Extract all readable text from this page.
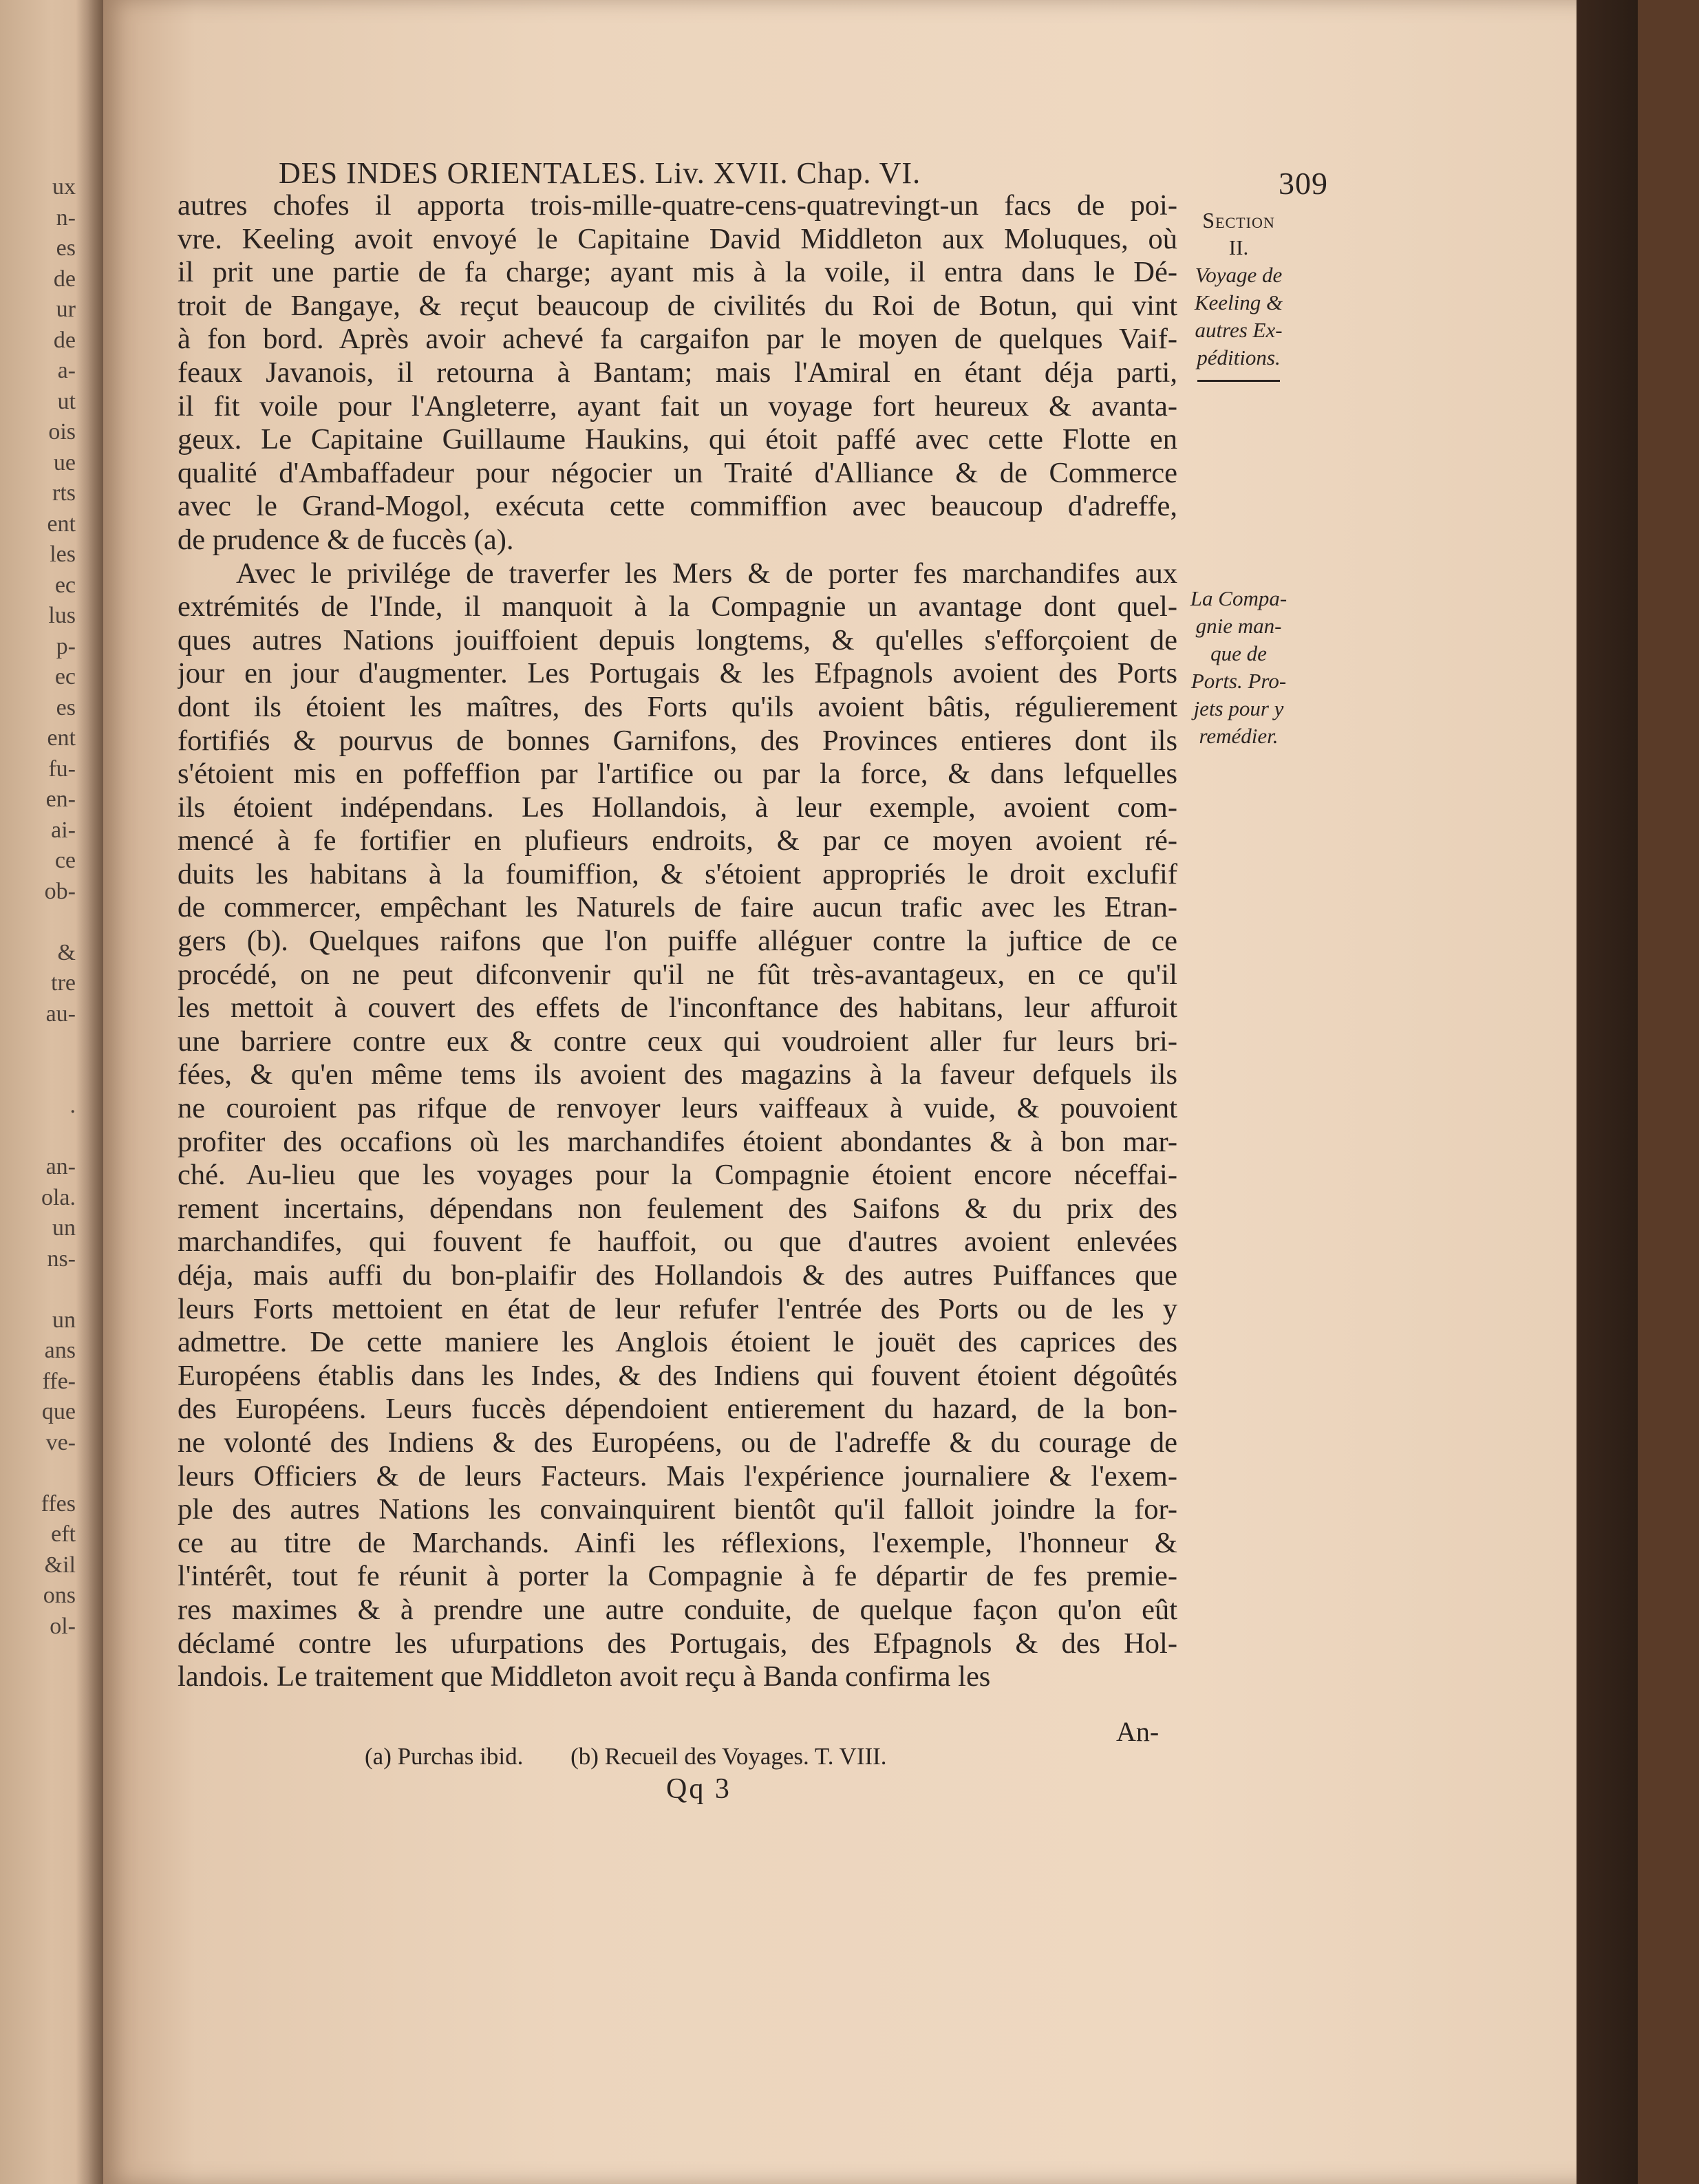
ux
n-
es
de
ur
de
a-
ut
ois
ue
rts
ent
les
ec
lus
p-
ec
es
ent
fu-
en-
ai-
ce
ob-
&
tre
au-
.
an-
ola.
un
ns-
un
ans
ffe-
que
ve-
ffes
eft
&il
ons
ol-
DES INDES ORIENTALES. Liv. XVII. Chap. VI.	309
autres chofes il apporta trois-mille-quatre-cens-quatrevingt-un facs de poi-
vre. Keeling avoit envoyé le Capitaine David Middleton aux Moluques, où
il prit une partie de fa charge; ayant mis à la voile, il entra dans le Dé-
troit de Bangaye, & reçut beaucoup de civilités du Roi de Botun, qui vint
à fon bord. Après avoir achevé fa cargaifon par le moyen de quelques Vaif-
feaux Javanois, il retourna à Bantam; mais l'Amiral en étant déja parti,
il fit voile pour l'Angleterre, ayant fait un voyage fort heureux & avanta-
geux. Le Capitaine Guillaume Haukins, qui étoit paffé avec cette Flotte en
qualité d'Ambaffadeur pour négocier un Traité d'Alliance & de Commerce
avec le Grand-Mogol, exécuta cette commiffion avec beaucoup d'adreffe,
de prudence & de fuccès (a).
Avec le privilége de traverfer les Mers & de porter fes marchandifes aux
extrémités de l'Inde, il manquoit à la Compagnie un avantage dont quel-
ques autres Nations jouiffoient depuis longtems, & qu'elles s'efforçoient de
jour en jour d'augmenter. Les Portugais & les Efpagnols avoient des Ports
dont ils étoient les maîtres, des Forts qu'ils avoient bâtis, régulierement
fortifiés & pourvus de bonnes Garnifons, des Provinces entieres dont ils
s'étoient mis en poffeffion par l'artifice ou par la force, & dans lefquelles
ils étoient indépendans. Les Hollandois, à leur exemple, avoient com-
mencé à fe fortifier en plufieurs endroits, & par ce moyen avoient ré-
duits les habitans à la foumiffion, & s'étoient appropriés le droit exclufif
de commercer, empêchant les Naturels de faire aucun trafic avec les Etran-
gers (b). Quelques raifons que l'on puiffe alléguer contre la juftice de ce
procédé, on ne peut difconvenir qu'il ne fût très-avantageux, en ce qu'il
les mettoit à couvert des effets de l'inconftance des habitans, leur affuroit
une barriere contre eux & contre ceux qui voudroient aller fur leurs bri-
fées, & qu'en même tems ils avoient des magazins à la faveur defquels ils
ne couroient pas rifque de renvoyer leurs vaiffeaux à vuide, & pouvoient
profiter des occafions où les marchandifes étoient abondantes & à bon mar-
ché. Au-lieu que les voyages pour la Compagnie étoient encore néceffai-
rement incertains, dépendans non feulement des Saifons & du prix des
marchandifes, qui fouvent fe hauffoit, ou que d'autres avoient enlevées
déja, mais auffi du bon-plaifir des Hollandois & des autres Puiffances que
leurs Forts mettoient en état de leur refufer l'entrée des Ports ou de les y
admettre. De cette maniere les Anglois étoient le jouët des caprices des
Européens établis dans les Indes, & des Indiens qui fouvent étoient dégoûtés
des Européens. Leurs fuccès dépendoient entierement du hazard, de la bon-
ne volonté des Indiens & des Européens, ou de l'adreffe & du courage de
leurs Officiers & de leurs Facteurs. Mais l'expérience journaliere & l'exem-
ple des autres Nations les convainquirent bientôt qu'il falloit joindre la for-
ce au titre de Marchands. Ainfi les réflexions, l'exemple, l'honneur &
l'intérêt, tout fe réunit à porter la Compagnie à fe départir de fes premie-
res maximes & à prendre une autre conduite, de quelque façon qu'on eût
déclamé contre les ufurpations des Portugais, des Efpagnols & des Hol-
landois. Le traitement que Middleton avoit reçu à Banda confirma les
Section
II.
Voyage de
Keeling &
autres Ex-
péditions.
La Compa-
gnie man-
que de
Ports. Pro-
jets pour y
remédier.
An-
(a) Purchas ibid. (b) Recueil des Voyages. T. VIII.
Qq 3
